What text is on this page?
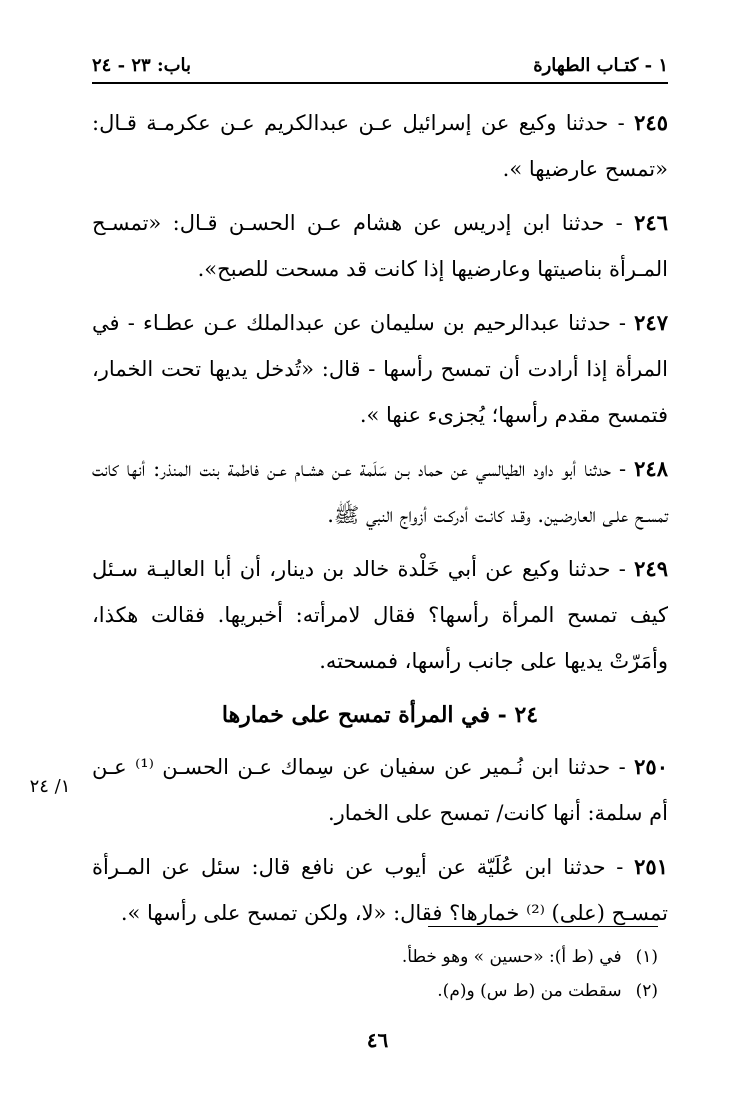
١ - كتـاب الطهارة
باب: ٢٣ - ٢٤

٢٤٥ - حدثنا وكيع عن إسرائيل عـن عبدالكريم عـن عكرمـة قـال: «تمسح عارضيها ».

٢٤٦ - حدثنا ابن إدريس عن هشام عـن الحسـن قـال: «تمسـح المـرأة بناصيتها وعارضيها إذا كانت قد مسحت للصبح».

٢٤٧ - حدثنا عبدالرحيم بن سليمان عن عبدالملك عـن عطـاء - في المرأة إذا أرادت أن تمسح رأسها - قال: «تُدخل يديها تحت الخمار، فتمسح مقدم رأسها؛ يُجزىء عنها ».

٢٤٨ - حدثنا أبو داود الطيالسي عن حماد بـن سَلَمة عـن هشـام عـن فاطمة بنت المنذر: أنها كانت تمسـح علـى العارضـين. وقـد كانـت أدركـت أزواج النبي ﷺ.

٢٤٩ - حدثنا وكيع عن أبي خَلْدة خالد بن دينار، أن أبا العاليـة سـئل كيف تمسح المرأة رأسها؟ فقال لامرأته: أخبريها. فقالت هكذا، وأمَرّتْ يديها على جانب رأسها، فمسحته.

٢٤ - في المرأة تمسح على خمارها

٢٥٠ - حدثنا ابن نُـمير عن سفيان عن سِماك عـن الحسـن ⁽¹⁾ عـن أم سلمة: أنها كانت/ تمسح على الخمار.

٢٥١ - حدثنا ابن عُلَيّة عن أيوب عن نافع قال: سئل عن المـرأة تمسـح (على) ⁽²⁾ خمارها؟ فقال: «لا، ولكن تمسح على رأسها ».

١/ ٢٤
(١)
في (ط أ): «حسين » وهو خطأ.
(٢)
سقطت من (ط س) و(م).
٤٦
